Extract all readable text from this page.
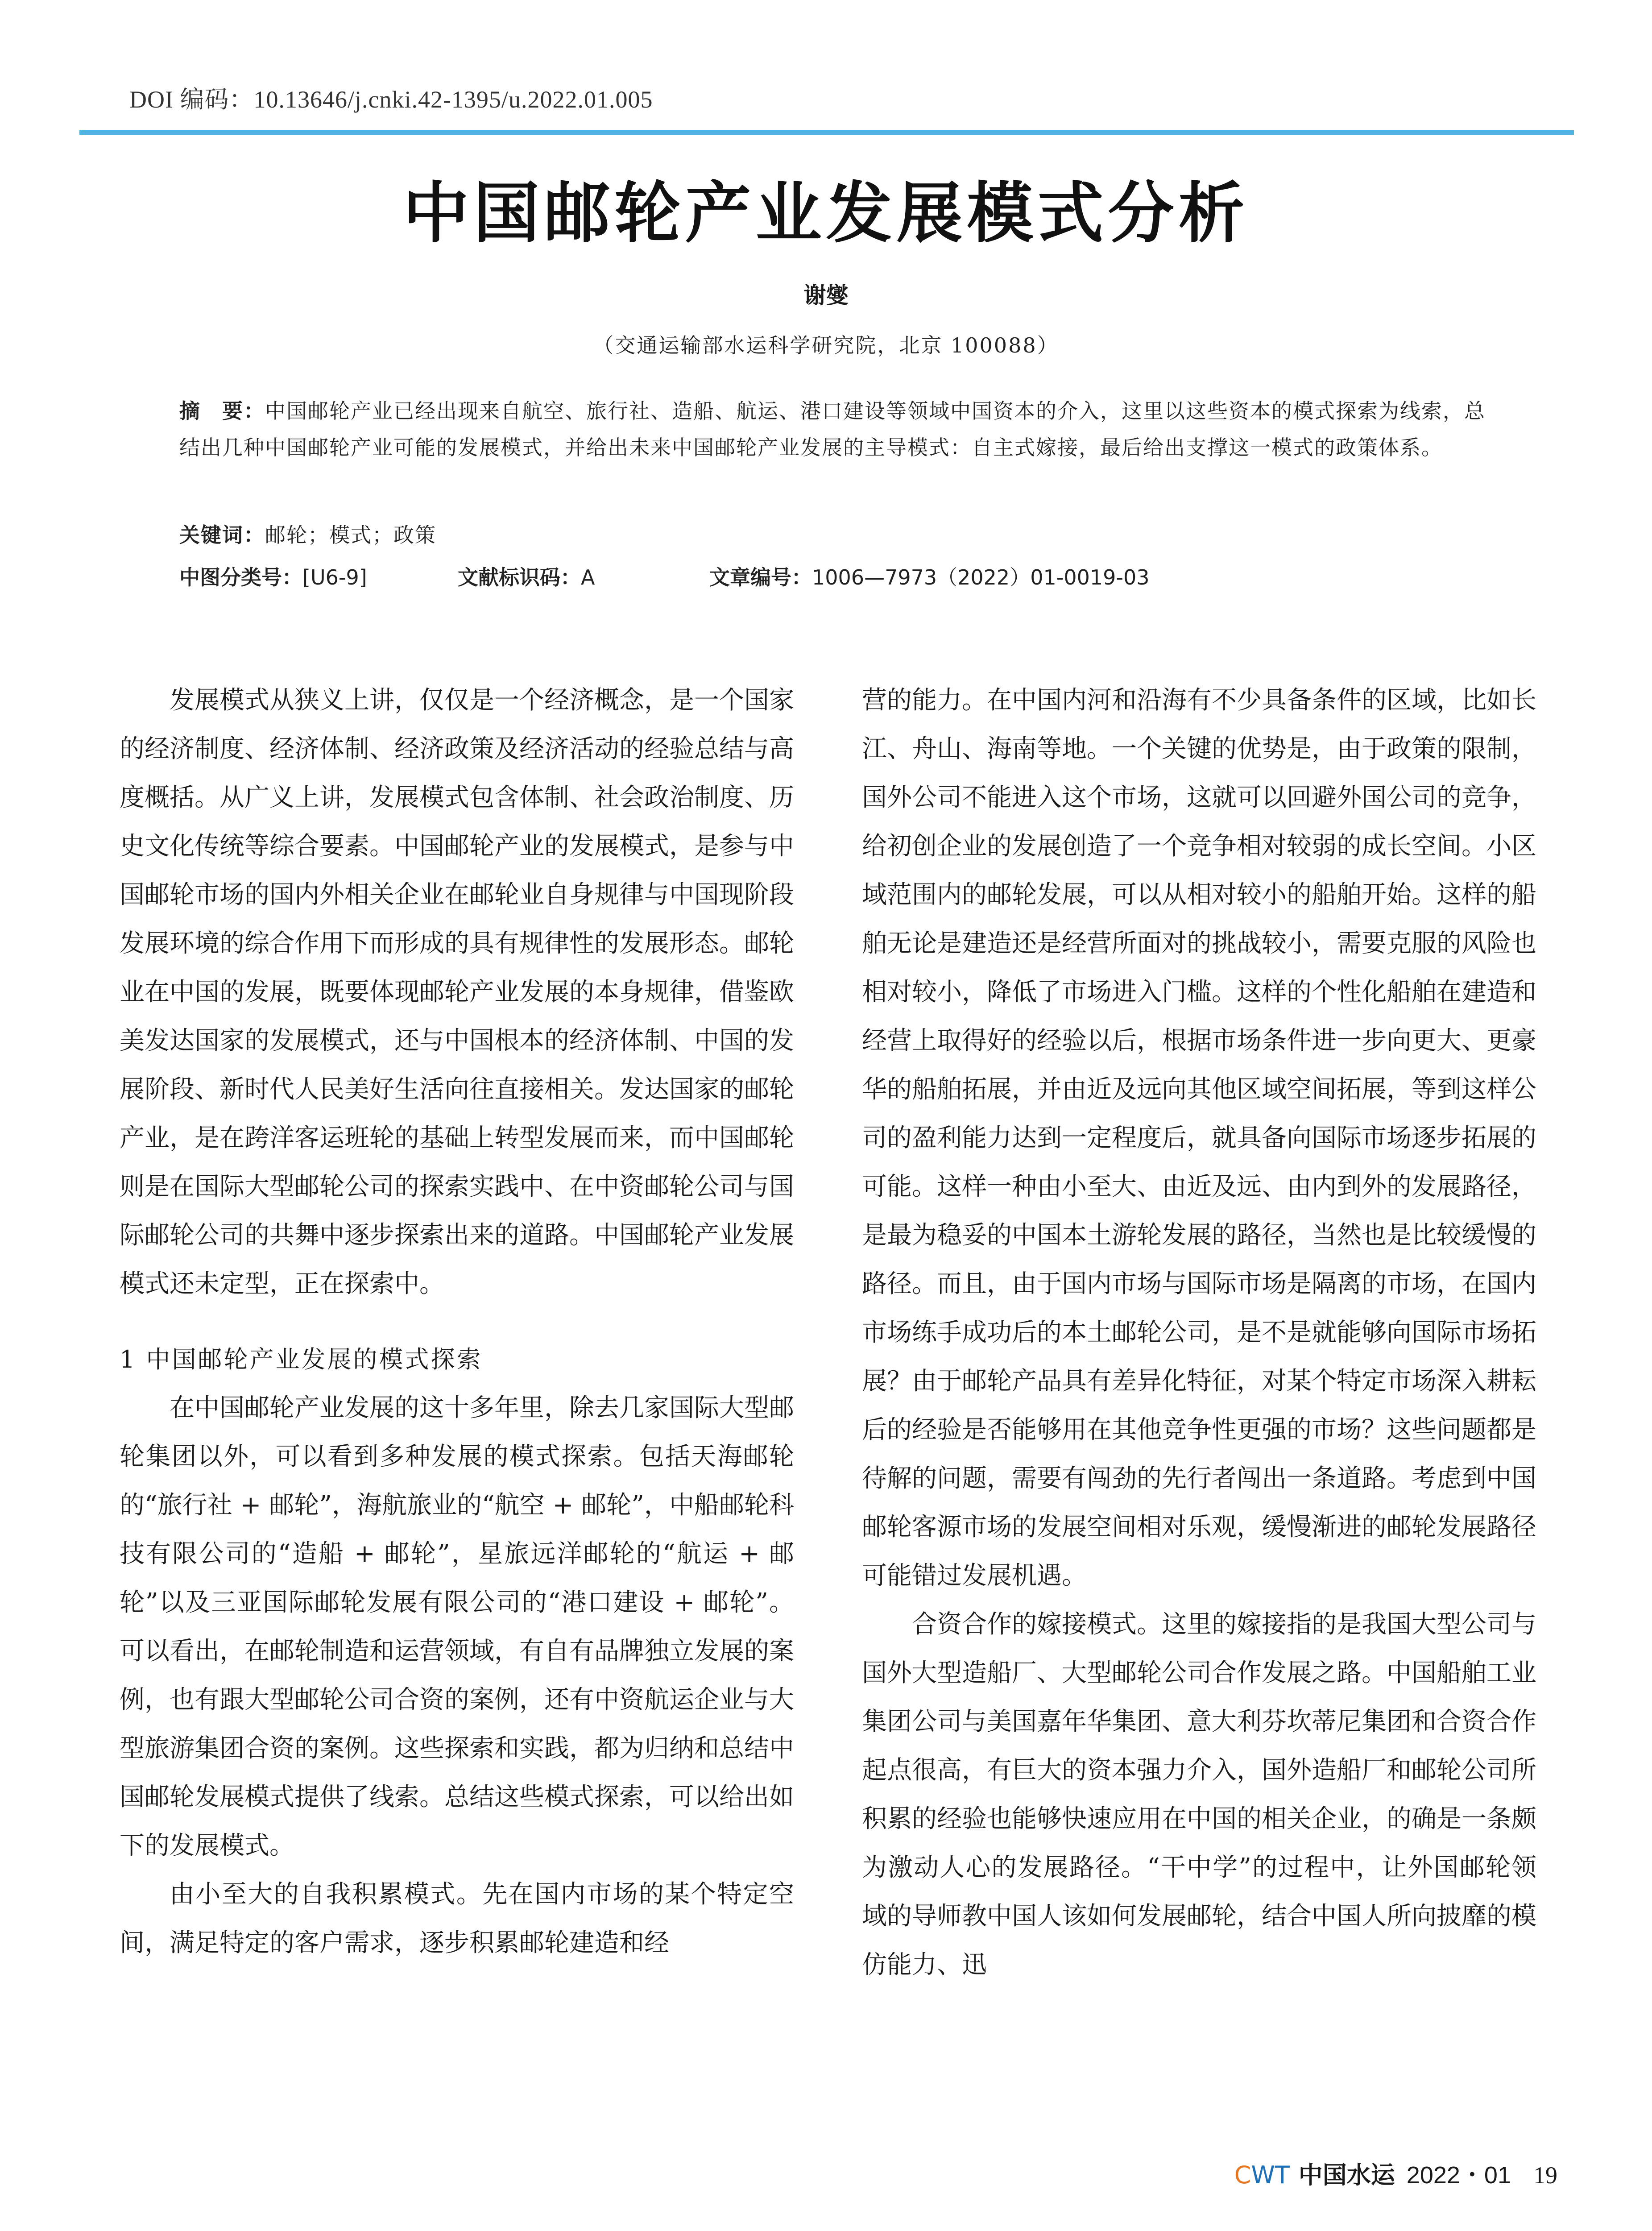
DOI 编码：10.13646/j.cnki.42-1395/u.2022.01.005
中国邮轮产业发展模式分析
谢燮
（交通运输部水运科学研究院，北京 100088）
摘　要：中国邮轮产业已经出现来自航空、旅行社、造船、航运、港口建设等领域中国资本的介入，这里以这些资本的模式探索为线索，总结出几种中国邮轮产业可能的发展模式，并给出未来中国邮轮产业发展的主导模式：自主式嫁接，最后给出支撑这一模式的政策体系。
关键词：邮轮；模式；政策
中图分类号：[U6-9]	文献标识码：A	文章编号：1006—7973（2022）01-0019-03

发展模式从狭义上讲，仅仅是一个经济概念，是一个国家的经济制度、经济体制、经济政策及经济活动的经验总结与高度概括。从广义上讲，发展模式包含体制、社会政治制度、历史文化传统等综合要素。中国邮轮产业的发展模式，是参与中国邮轮市场的国内外相关企业在邮轮业自身规律与中国现阶段发展环境的综合作用下而形成的具有规律性的发展形态。邮轮业在中国的发展，既要体现邮轮产业发展的本身规律，借鉴欧美发达国家的发展模式，还与中国根本的经济体制、中国的发展阶段、新时代人民美好生活向往直接相关。发达国家的邮轮产业，是在跨洋客运班轮的基础上转型发展而来，而中国邮轮则是在国际大型邮轮公司的探索实践中、在中资邮轮公司与国际邮轮公司的共舞中逐步探索出来的道路。中国邮轮产业发展模式还未定型，正在探索中。

1 中国邮轮产业发展的模式探索

在中国邮轮产业发展的这十多年里，除去几家国际大型邮轮集团以外，可以看到多种发展的模式探索。包括天海邮轮的“旅行社 + 邮轮”，海航旅业的“航空 + 邮轮”，中船邮轮科技有限公司的“造船 + 邮轮”，星旅远洋邮轮的“航运 + 邮轮”以及三亚国际邮轮发展有限公司的“港口建设 + 邮轮”。 可以看出，在邮轮制造和运营领域，有自有品牌独立发展的案例，也有跟大型邮轮公司合资的案例，还有中资航运企业与大型旅游集团合资的案例。这些探索和实践，都为归纳和总结中国邮轮发展模式提供了线索。总结这些模式探索，可以给出如下的发展模式。

由小至大的自我积累模式。先在国内市场的某个特定空间，满足特定的客户需求，逐步积累邮轮建造和经

营的能力。在中国内河和沿海有不少具备条件的区域，比如长江、舟山、海南等地。一个关键的优势是，由于政策的限制，国外公司不能进入这个市场，这就可以回避外国公司的竞争，给初创企业的发展创造了一个竞争相对较弱的成长空间。小区域范围内的邮轮发展，可以从相对较小的船舶开始。这样的船舶无论是建造还是经营所面对的挑战较小，需要克服的风险也相对较小，降低了市场进入门槛。这样的个性化船舶在建造和经营上取得好的经验以后，根据市场条件进一步向更大、更豪华的船舶拓展，并由近及远向其他区域空间拓展，等到这样公司的盈利能力达到一定程度后，就具备向国际市场逐步拓展的可能。这样一种由小至大、由近及远、由内到外的发展路径，是最为稳妥的中国本土游轮发展的路径，当然也是比较缓慢的路径。而且，由于国内市场与国际市场是隔离的市场，在国内市场练手成功后的本土邮轮公司，是不是就能够向国际市场拓展？由于邮轮产品具有差异化特征，对某个特定市场深入耕耘后的经验是否能够用在其他竞争性更强的市场？这些问题都是待解的问题，需要有闯劲的先行者闯出一条道路。考虑到中国邮轮客源市场的发展空间相对乐观，缓慢渐进的邮轮发展路径可能错过发展机遇。

合资合作的嫁接模式。这里的嫁接指的是我国大型公司与国外大型造船厂、大型邮轮公司合作发展之路。中国船舶工业集团公司与美国嘉年华集团、意大利芬坎蒂尼集团和合资合作起点很高，有巨大的资本强力介入，国外造船厂和邮轮公司所积累的经验也能够快速应用在中国的相关企业，的确是一条颇为激动人心的发展路径。“干中学”的过程中，让外国邮轮领域的导师教中国人该如何发展邮轮，结合中国人所向披靡的模仿能力、迅

CWT 中国水运 2022・01 19
